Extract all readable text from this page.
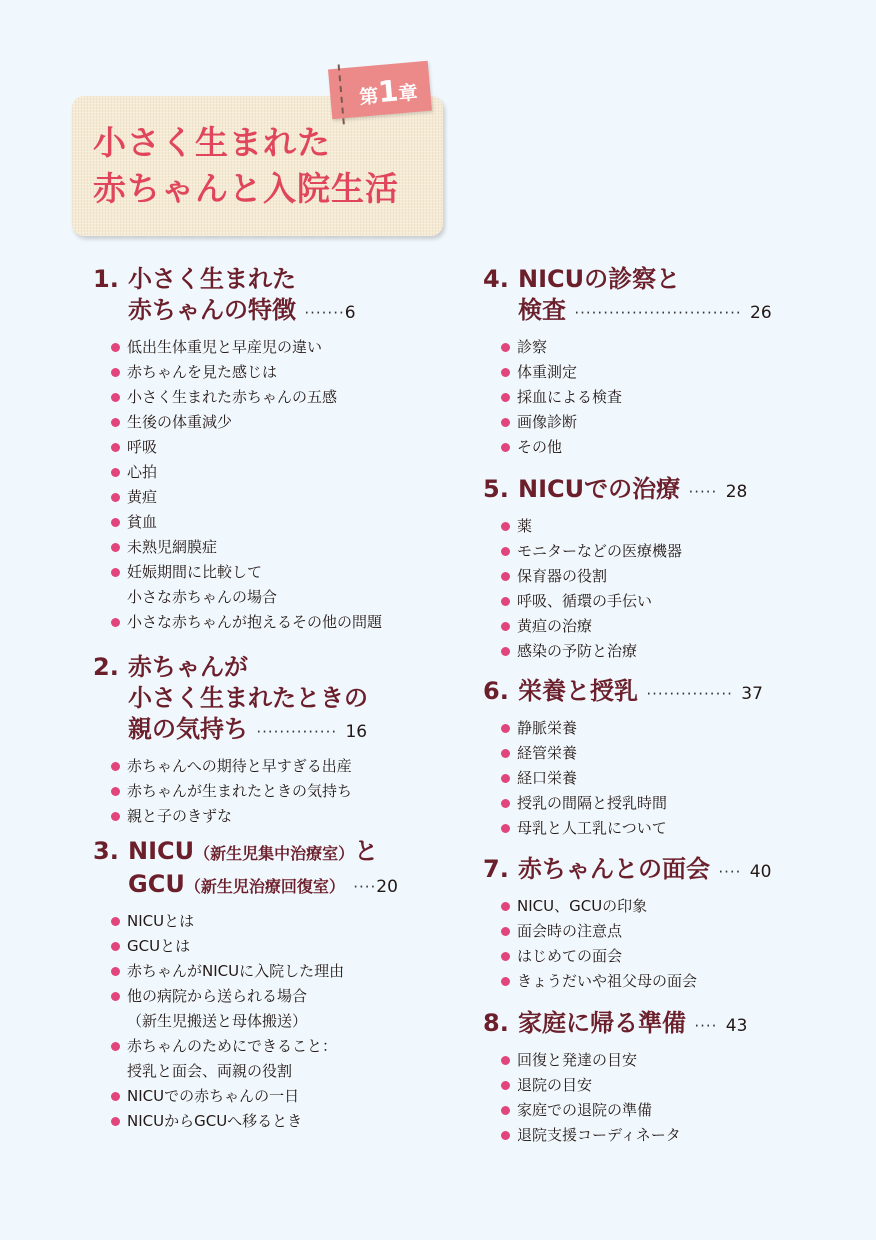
小さく生まれた
赤ちゃんと入院生活
第1章
1. 小さく生まれた
赤ちゃんの特徴 ·······6
低出生体重児と早産児の違い
赤ちゃんを見た感じは
小さく生まれた赤ちゃんの五感
生後の体重減少
呼吸
心拍
黄疸
貧血
未熟児網膜症
妊娠期間に比較して
小さな赤ちゃんの場合
小さな赤ちゃんが抱えるその他の問題
2. 赤ちゃんが
小さく生まれたときの
親の気持ち ·············· 16
赤ちゃんへの期待と早すぎる出産
赤ちゃんが生まれたときの気持ち
親と子のきずな
3. NICU（新生児集中治療室）と
GCU（新生児治療回復室） ····20
NICUとは
GCUとは
赤ちゃんがNICUに入院した理由
他の病院から送られる場合
（新生児搬送と母体搬送）
赤ちゃんのためにできること：
授乳と面会、両親の役割
NICUでの赤ちゃんの一日
NICUからGCUへ移るとき
4. NICUの診察と
検査 ····························· 26
診察
体重測定
採血による検査
画像診断
その他
5. NICUでの治療 ····· 28
薬
モニターなどの医療機器
保育器の役割
呼吸、循環の手伝い
黄疸の治療
感染の予防と治療
6. 栄養と授乳 ··············· 37
静脈栄養
経管栄養
経口栄養
授乳の間隔と授乳時間
母乳と人工乳について
7. 赤ちゃんとの面会 ···· 40
NICU、GCUの印象
面会時の注意点
はじめての面会
きょうだいや祖父母の面会
8. 家庭に帰る準備 ···· 43
回復と発達の目安
退院の目安
家庭での退院の準備
退院支援コーディネータ
